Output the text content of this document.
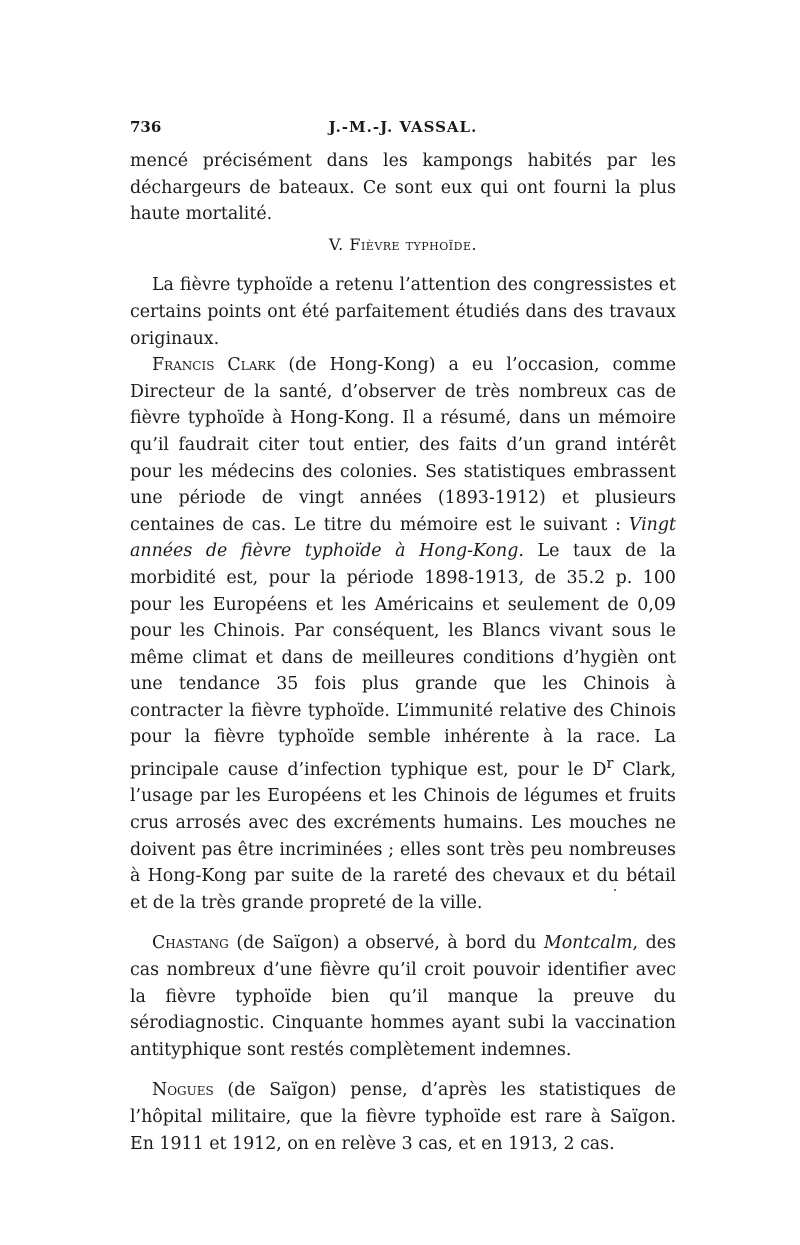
736	J.-M.-J. VASSAL.

mencé précisément dans les kampongs habités par les déchargeurs de bateaux. Ce sont eux qui ont fourni la plus haute mortalité.

V. Fièvre typhoïde.

La fièvre typhoïde a retenu l’attention des congressistes et certains points ont été parfaitement étudiés dans des travaux originaux.

Francis Clark (de Hong-Kong) a eu l’occasion, comme Directeur de la santé, d’observer de très nombreux cas de fièvre typhoïde à Hong-Kong. Il a résumé, dans un mémoire qu’il faudrait citer tout entier, des faits d’un grand intérêt pour les médecins des colonies. Ses statistiques embrassent une période de vingt années (1893-1912) et plusieurs centaines de cas. Le titre du mémoire est le suivant : Vingt années de fièvre typhoïde à Hong-Kong. Le taux de la morbidité est, pour la période 1898-1913, de 35.2 p. 100 pour les Européens et les Américains et seulement de 0,09 pour les Chinois. Par conséquent, les Blancs vivant sous le même climat et dans de meilleures conditions d’hygièn ont une tendance 35 fois plus grande que les Chinois à contracter la fièvre typhoïde. L’immunité relative des Chinois pour la fièvre typhoïde semble inhérente à la race. La principale cause d’infection typhique est, pour le $D^r$ Clark, l’usage par les Européens et les Chinois de légumes et fruits crus arrosés avec des excréments humains. Les mouches ne doivent pas être incriminées ; elles sont très peu nombreuses à Hong-Kong par suite de la rareté des chevaux et du bétail et de la très grande propreté de la ville.

Chastang (de Saïgon) a observé, à bord du Montcalm, des cas nombreux d’une fièvre qu’il croit pouvoir identifier avec la fièvre typhoïde bien qu’il manque la preuve du sérodiagnostic. Cinquante hommes ayant subi la vaccination antityphique sont restés complètement indemnes.

Nogues (de Saïgon) pense, d’après les statistiques de l’hôpital militaire, que la fièvre typhoïde est rare à Saïgon. En 1911 et 1912, on en relève 3 cas, et en 1913, 2 cas.
